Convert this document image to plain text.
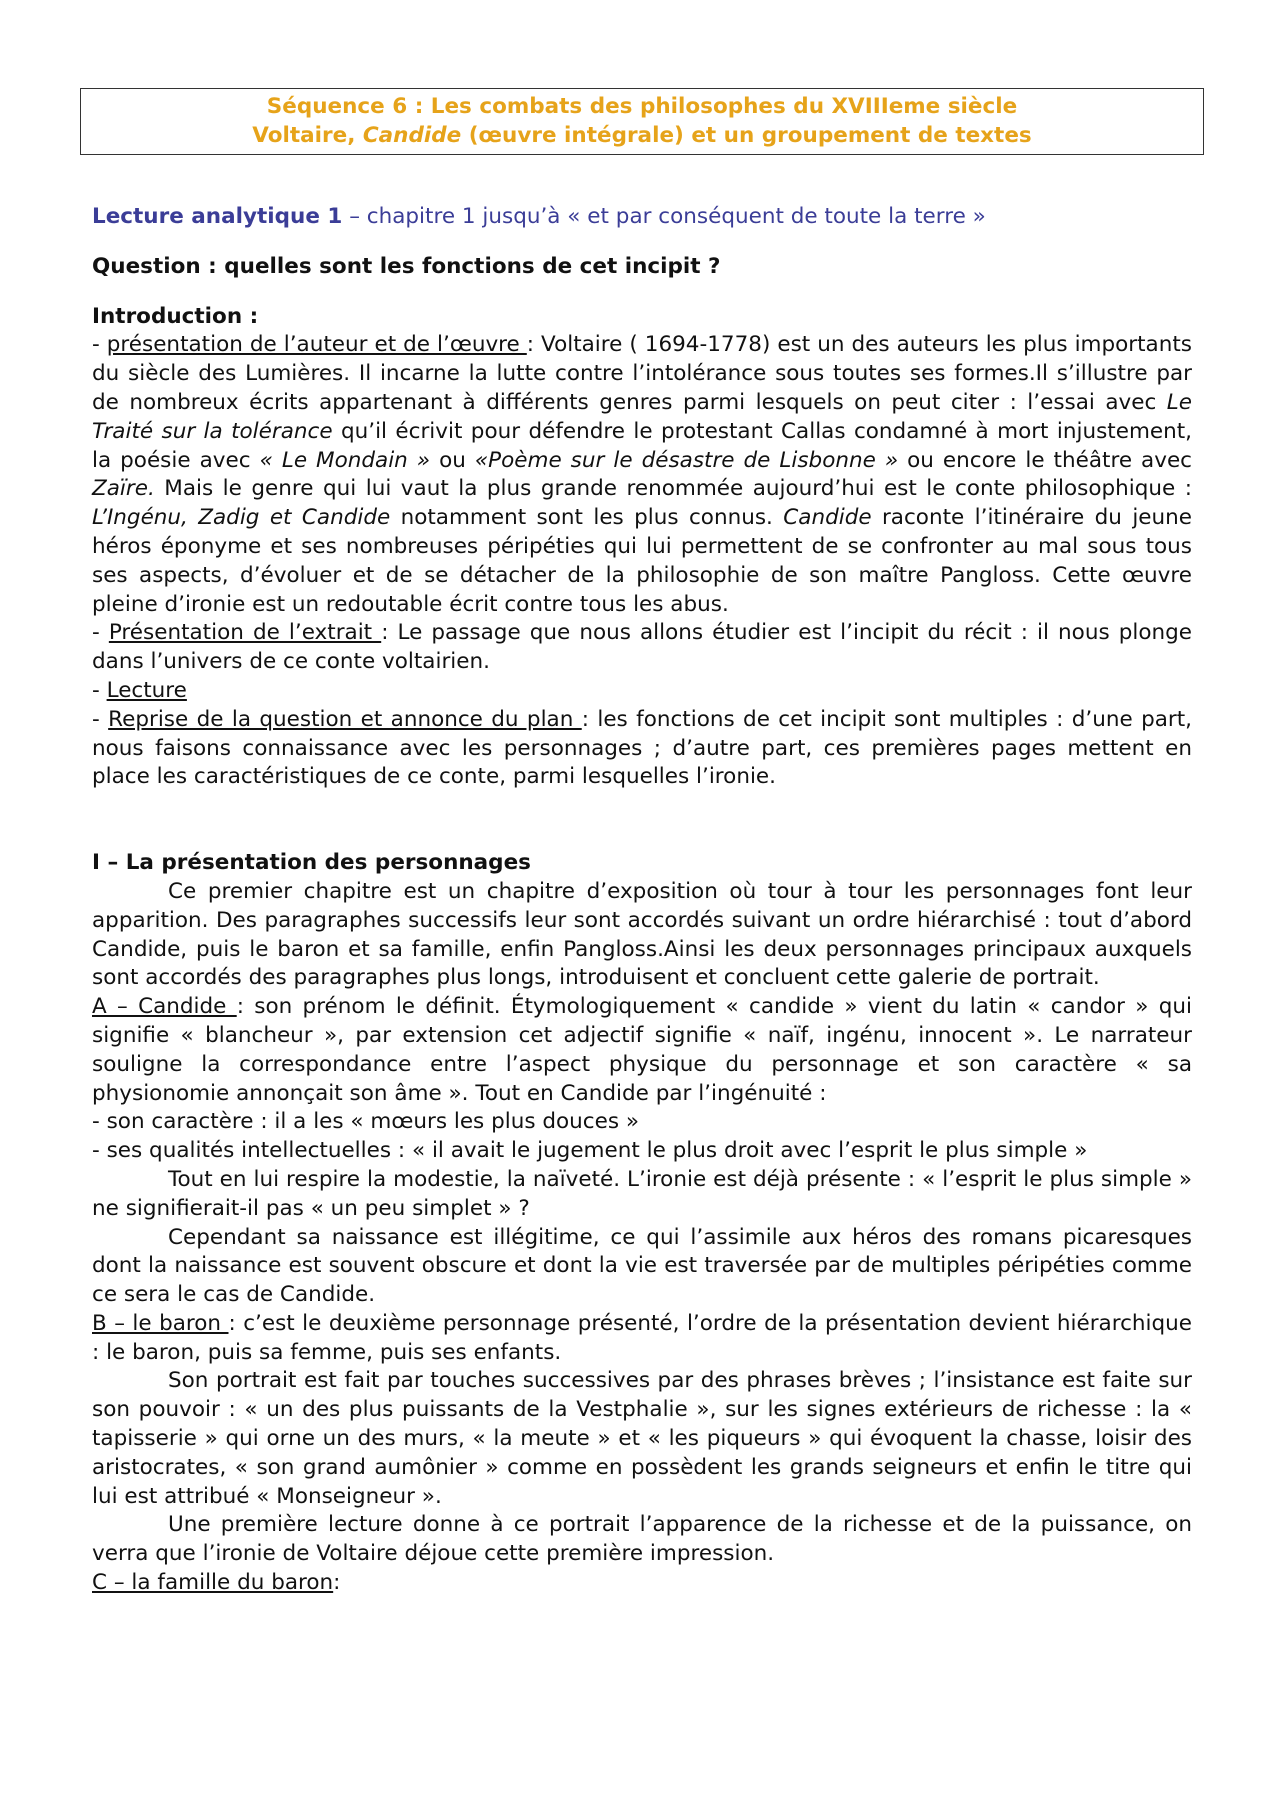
Séquence 6 : Les combats des philosophes du XVIIIeme siècle
Voltaire, Candide (œuvre intégrale) et un groupement de textes

Lecture analytique 1 – chapitre 1 jusqu’à « et par conséquent de toute la terre »

Question : quelles sont les fonctions de cet incipit ?

Introduction :

- présentation de l’auteur et de l’œuvre : Voltaire ( 1694-1778) est un des auteurs les plus importants du siècle des Lumières. Il incarne la lutte contre l’intolérance sous toutes ses formes.Il s’illustre par de nombreux écrits appartenant à différents genres parmi lesquels on peut citer : l’essai avec Le Traité sur la tolérance qu’il écrivit pour défendre le protestant Callas condamné à mort injustement, la poésie avec « Le Mondain » ou «Poème sur le désastre de Lisbonne » ou encore le théâtre avec Zaïre. Mais le genre qui lui vaut la plus grande renommée aujourd’hui est le conte philosophique : L’Ingénu, Zadig et Candide notamment sont les plus connus. Candide raconte l’itinéraire du jeune héros éponyme et ses nombreuses péripéties qui lui permettent de se confronter au mal sous tous ses aspects, d’évoluer et de se détacher de la philosophie de son maître Pangloss. Cette œuvre pleine d’ironie est un redoutable écrit contre tous les abus.

- Présentation de l’extrait : Le passage que nous allons étudier est l’incipit du récit : il nous plonge dans l’univers de ce conte voltairien.

- Lecture

- Reprise de la question et annonce du plan : les fonctions de cet incipit sont multiples : d’une part, nous faisons connaissance avec les personnages ; d’autre part, ces premières pages mettent en place les caractéristiques de ce conte, parmi lesquelles l’ironie.

I – La présentation des personnages

Ce premier chapitre est un chapitre d’exposition où tour à tour les personnages font leur apparition. Des paragraphes successifs leur sont accordés suivant un ordre hiérarchisé : tout d’abord Candide, puis le baron et sa famille, enfin Pangloss.Ainsi les deux personnages principaux auxquels sont accordés des paragraphes plus longs, introduisent et concluent cette galerie de portrait.

A – Candide : son prénom le définit. Étymologiquement « candide » vient du latin « candor » qui signifie « blancheur », par extension cet adjectif signifie « naïf, ingénu, innocent ». Le narrateur souligne la correspondance entre l’aspect physique du personnage et son caractère « sa physionomie annonçait son âme ». Tout en Candide par l’ingénuité :

- son caractère : il a les « mœurs les plus douces »

- ses qualités intellectuelles : « il avait le jugement le plus droit avec l’esprit le plus simple »

Tout en lui respire la modestie, la naïveté. L’ironie est déjà présente : « l’esprit le plus simple » ne signifierait-il pas « un peu simplet » ?

Cependant sa naissance est illégitime, ce qui l’assimile aux héros des romans picaresques dont la naissance est souvent obscure et dont la vie est traversée par de multiples péripéties comme ce sera le cas de Candide.

B – le baron : c’est le deuxième personnage présenté, l’ordre de la présentation devient hiérarchique : le baron, puis sa femme, puis ses enfants.

Son portrait est fait par touches successives par des phrases brèves ; l’insistance est faite sur son pouvoir : « un des plus puissants de la Vestphalie », sur les signes extérieurs de richesse : la « tapisserie » qui orne un des murs, « la meute » et « les piqueurs » qui évoquent la chasse, loisir des aristocrates, « son grand aumônier » comme en possèdent les grands seigneurs et enfin le titre qui lui est attribué « Monseigneur ».

Une première lecture donne à ce portrait l’apparence de la richesse et de la puissance, on verra que l’ironie de Voltaire déjoue cette première impression.

C – la famille du baron:
